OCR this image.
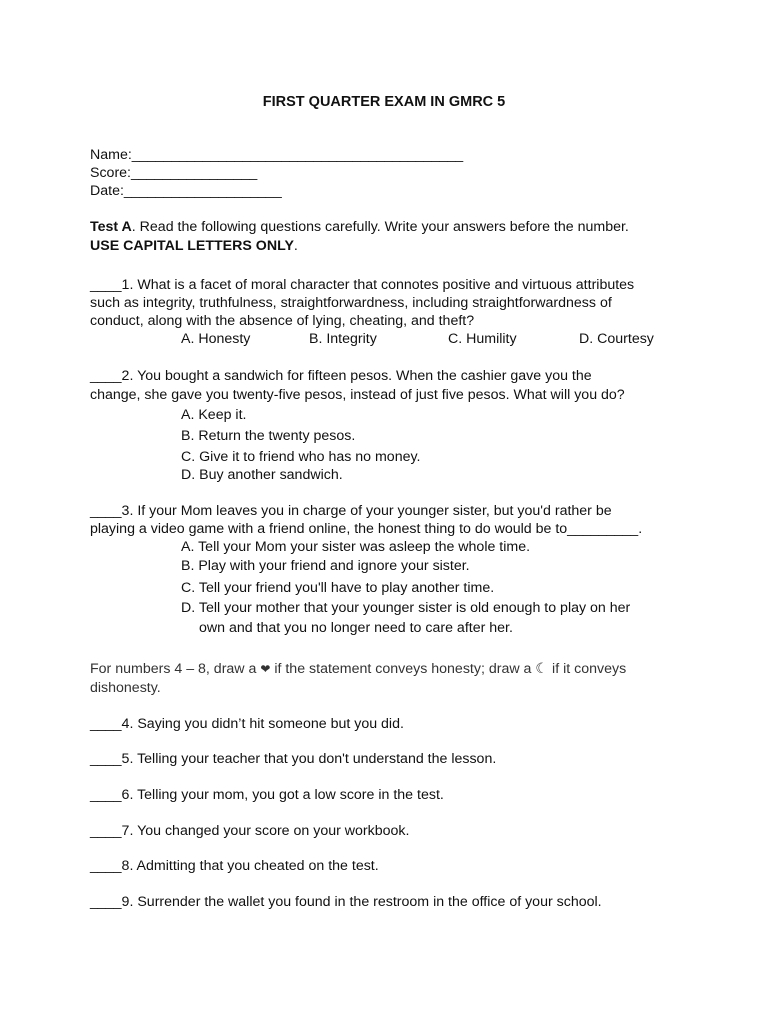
FIRST QUARTER EXAM IN GMRC 5
Name:__________________________________________
Score:________________
Date:____________________
Test A. Read the following questions carefully. Write your answers before the number.
USE CAPITAL LETTERS ONLY.
____1. What is a facet of moral character that connotes positive and virtuous attributes
such as integrity, truthfulness, straightforwardness, including straightforwardness of
conduct, along with the absence of lying, cheating, and theft?
A. Honesty	B. Integrity	C. Humility	D. Courtesy
____2. You bought a sandwich for fifteen pesos. When the cashier gave you the
change, she gave you twenty-five pesos, instead of just five pesos. What will you do?
A. Keep it.
B. Return the twenty pesos.
C. Give it to friend who has no money.
D. Buy another sandwich.
____3. If your Mom leaves you in charge of your younger sister, but you'd rather be
playing a video game with a friend online, the honest thing to do would be to_________.
A. Tell your Mom your sister was asleep the whole time.
B. Play with your friend and ignore your sister.
C. Tell your friend you'll have to play another time.
D. Tell your mother that your younger sister is old enough to play on her
own and that you no longer need to care after her.
For numbers 4 – 8, draw a ❤ if the statement conveys honesty; draw a ☾ if it conveys
dishonesty.
____4. Saying you didn’t hit someone but you did.
____5. Telling your teacher that you don't understand the lesson.
____6. Telling your mom, you got a low score in the test.
____7. You changed your score on your workbook.
____8. Admitting that you cheated on the test.
____9. Surrender the wallet you found in the restroom in the office of your school.
